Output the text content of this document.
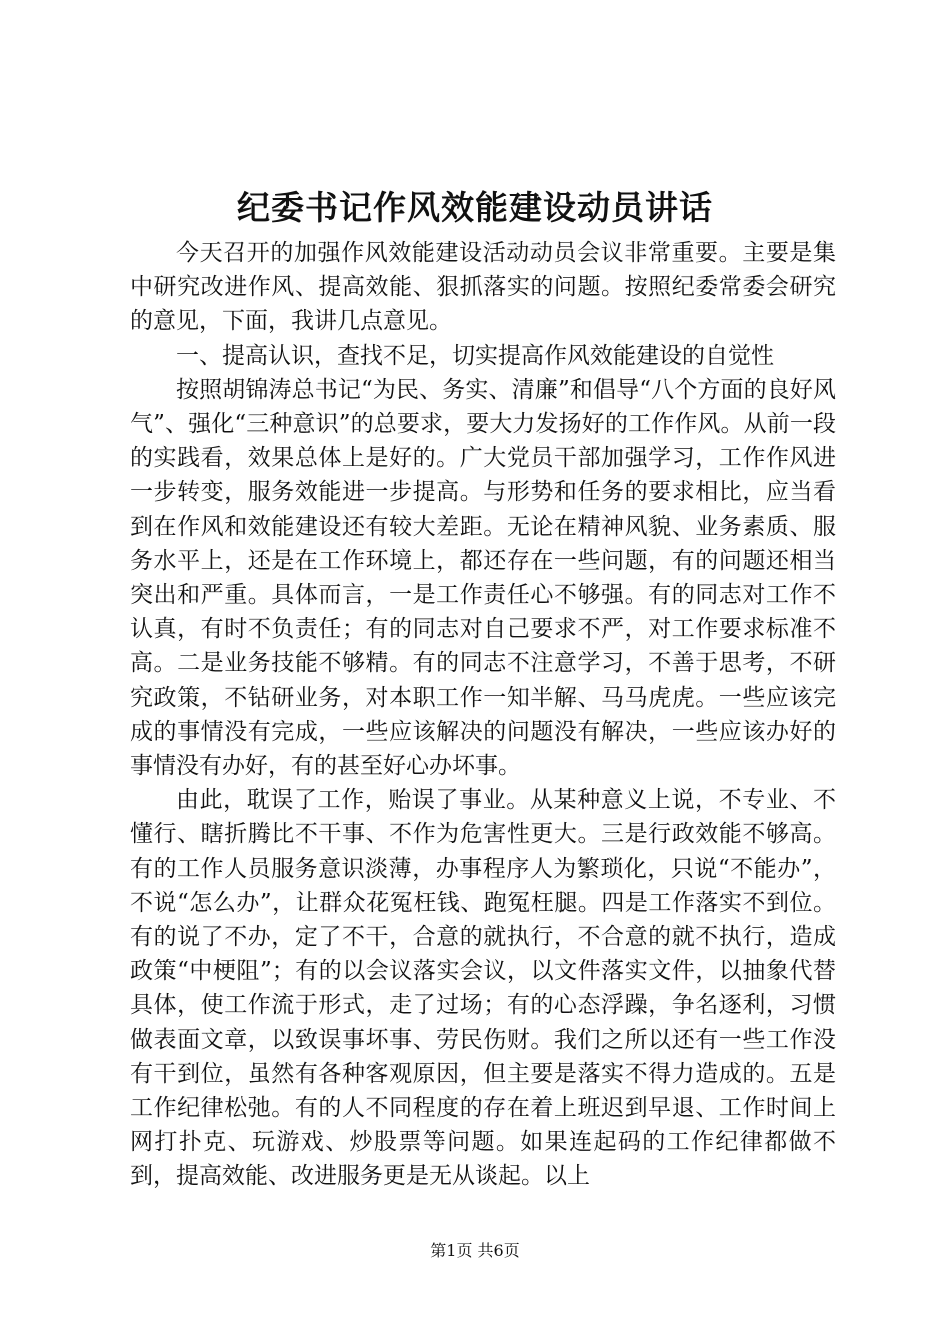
纪委书记作风效能建设动员讲话

今天召开的加强作风效能建设活动动员会议非常重要。主要是集中研究改进作风、提高效能、狠抓落实的问题。按照纪委常委会研究的意见，下面，我讲几点意见。

一、提高认识，查找不足，切实提高作风效能建设的自觉性

按照胡锦涛总书记“为民、务实、清廉”和倡导“八个方面的良好风气”、强化“三种意识”的总要求，要大力发扬好的工作作风。从前一段的实践看，效果总体上是好的。广大党员干部加强学习，工作作风进一步转变，服务效能进一步提高。与形势和任务的要求相比，应当看到在作风和效能建设还有较大差距。无论在精神风貌、业务素质、服务水平上，还是在工作环境上，都还存在一些问题，有的问题还相当突出和严重。具体而言，一是工作责任心不够强。有的同志对工作不认真，有时不负责任；有的同志对自己要求不严，对工作要求标准不高。二是业务技能不够精。有的同志不注意学习，不善于思考，不研究政策，不钻研业务，对本职工作一知半解、马马虎虎。一些应该完成的事情没有完成，一些应该解决的问题没有解决，一些应该办好的事情没有办好，有的甚至好心办坏事。

由此，耽误了工作，贻误了事业。从某种意义上说，不专业、不懂行、瞎折腾比不干事、不作为危害性更大。三是行政效能不够高。有的工作人员服务意识淡薄，办事程序人为繁琐化，只说“不能办”，不说“怎么办”，让群众花冤枉钱、跑冤枉腿。四是工作落实不到位。有的说了不办，定了不干，合意的就执行，不合意的就不执行，造成政策“中梗阻”；有的以会议落实会议，以文件落实文件，以抽象代替具体，使工作流于形式，走了过场；有的心态浮躁，争名逐利，习惯做表面文章，以致误事坏事、劳民伤财。我们之所以还有一些工作没有干到位，虽然有各种客观原因，但主要是落实不得力造成的。五是工作纪律松弛。有的人不同程度的存在着上班迟到早退、工作时间上网打扑克、玩游戏、炒股票等问题。如果连起码的工作纪律都做不到，提高效能、改进服务更是无从谈起。以上

第1页 共6页
